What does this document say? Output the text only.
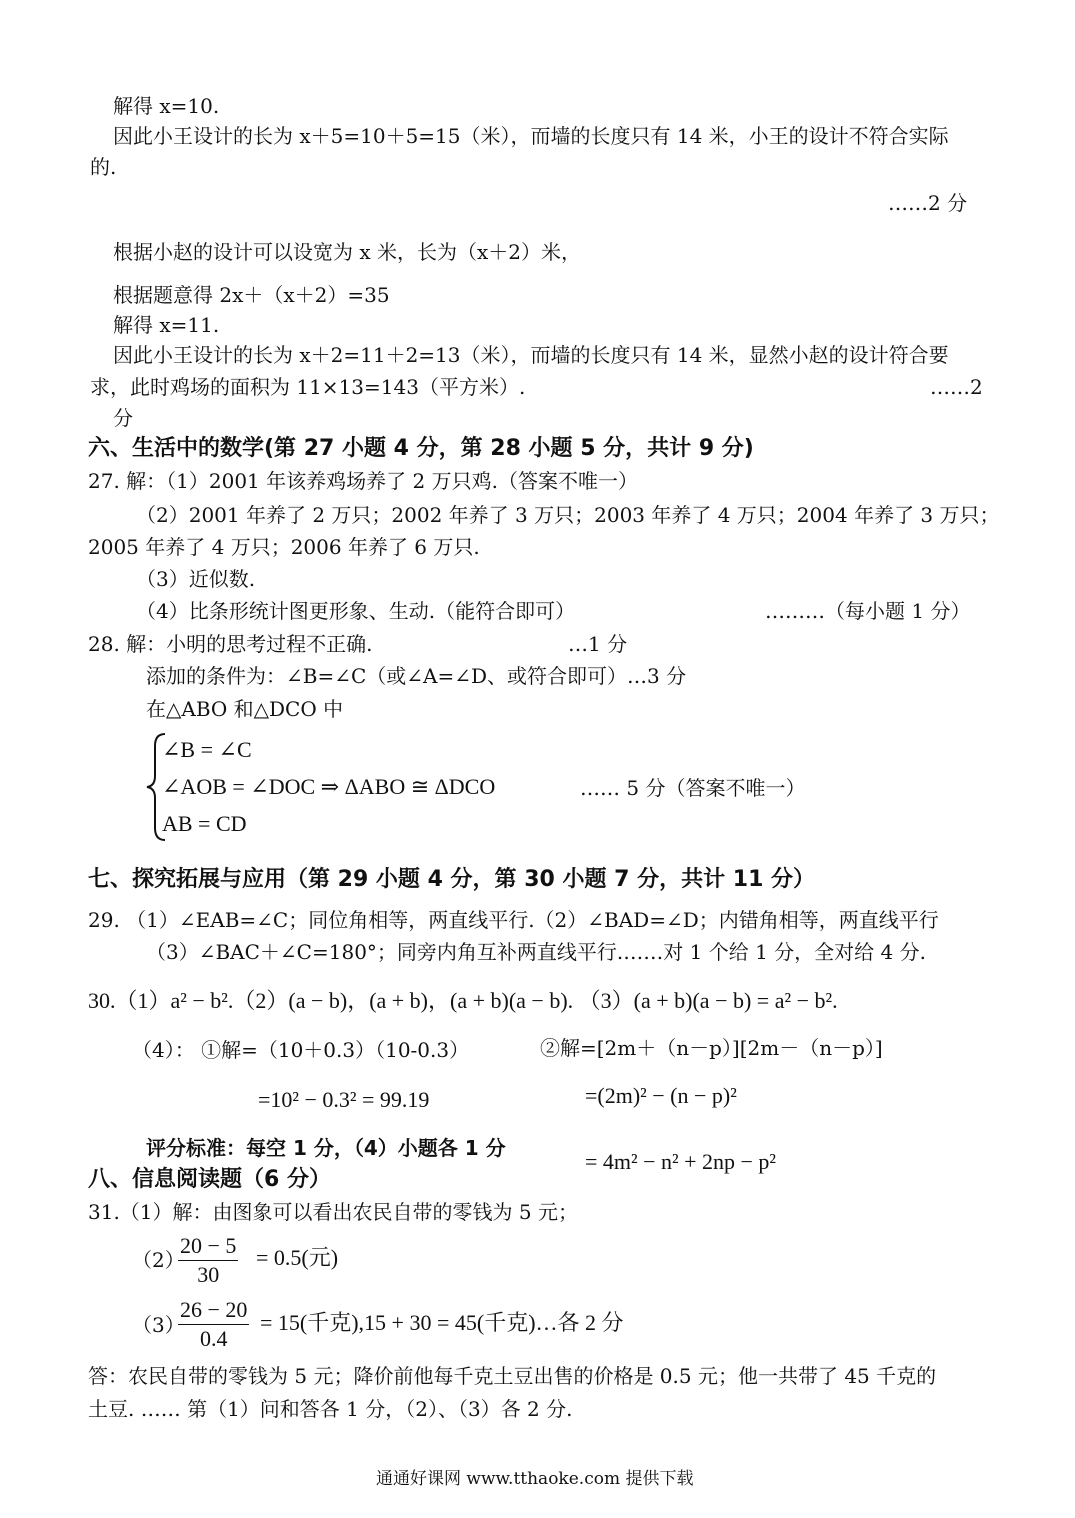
解得 x=10.
因此小王设计的长为 x＋5=10＋5=15（米），而墙的长度只有 14 米，小王的设计不符合实际
的.
……2 分
根据小赵的设计可以设宽为 x 米，长为（x＋2）米，
根据题意得 2x＋（x＋2）=35
解得 x=11.
因此小王设计的长为 x＋2=11＋2=13（米），而墙的长度只有 14 米，显然小赵的设计符合要
求，此时鸡场的面积为 11×13=143（平方米）.	……2
分
六、生活中的数学(第 27 小题 4 分，第 28 小题 5 分，共计 9 分)
27. 解：（1）2001 年该养鸡场养了 2 万只鸡.（答案不唯一）
（2）2001 年养了 2 万只；2002 年养了 3 万只；2003 年养了 4 万只；2004 年养了 3 万只；
2005 年养了 4 万只；2006 年养了 6 万只.
（3）近似数.
（4）比条形统计图更形象、生动.（能符合即可）	………（每小题 1 分）
28. 解：小明的思考过程不正确.	…1 分
添加的条件为：∠B=∠C（或∠A=∠D、或符合即可）…3 分
在△ABO 和△DCO 中
∠B = ∠C
∠AOB = ∠DOC ⇒ ΔABO ≅ ΔDCO
AB = CD
…… 5 分（答案不唯一）
七、探究拓展与应用（第 29 小题 4 分，第 30 小题 7 分，共计 11 分）
29. （1）∠EAB=∠C；同位角相等，两直线平行.（2）∠BAD=∠D；内错角相等，两直线平行
（3）∠BAC＋∠C=180°；同旁内角互补两直线平行.……对 1 个给 1 分，全对给 4 分.
30.（1）a² − b².（2）(a − b)，(a + b)，(a + b)(a − b). （3）(a + b)(a − b) = a² − b².
（4）： ①解=（10＋0.3）（10-0.3）	②解=[2m＋（n－p）][2m－（n－p）]
=10² − 0.3² = 99.19	=(2m)² − (n − p)²
评分标准：每空 1 分，（4）小题各 1 分
= 4m² − n² + 2np − p²
八、信息阅读题（6 分）
31.（1）解：由图象可以看出农民自带的零钱为 5 元；
（2）
$\frac{20 - 5}{30} = 0.5$(元)
（3）
$\frac{26 - 20}{0.4} = 15$(千克),15 + 30 = 45(千克)…各 2 分
答：农民自带的零钱为 5 元；降价前他每千克土豆出售的价格是 0.5 元；他一共带了 45 千克的
土豆. …… 第（1）问和答各 1 分，（2）、（3）各 2 分.
通通好课网 www.tthaoke.com 提供下载
